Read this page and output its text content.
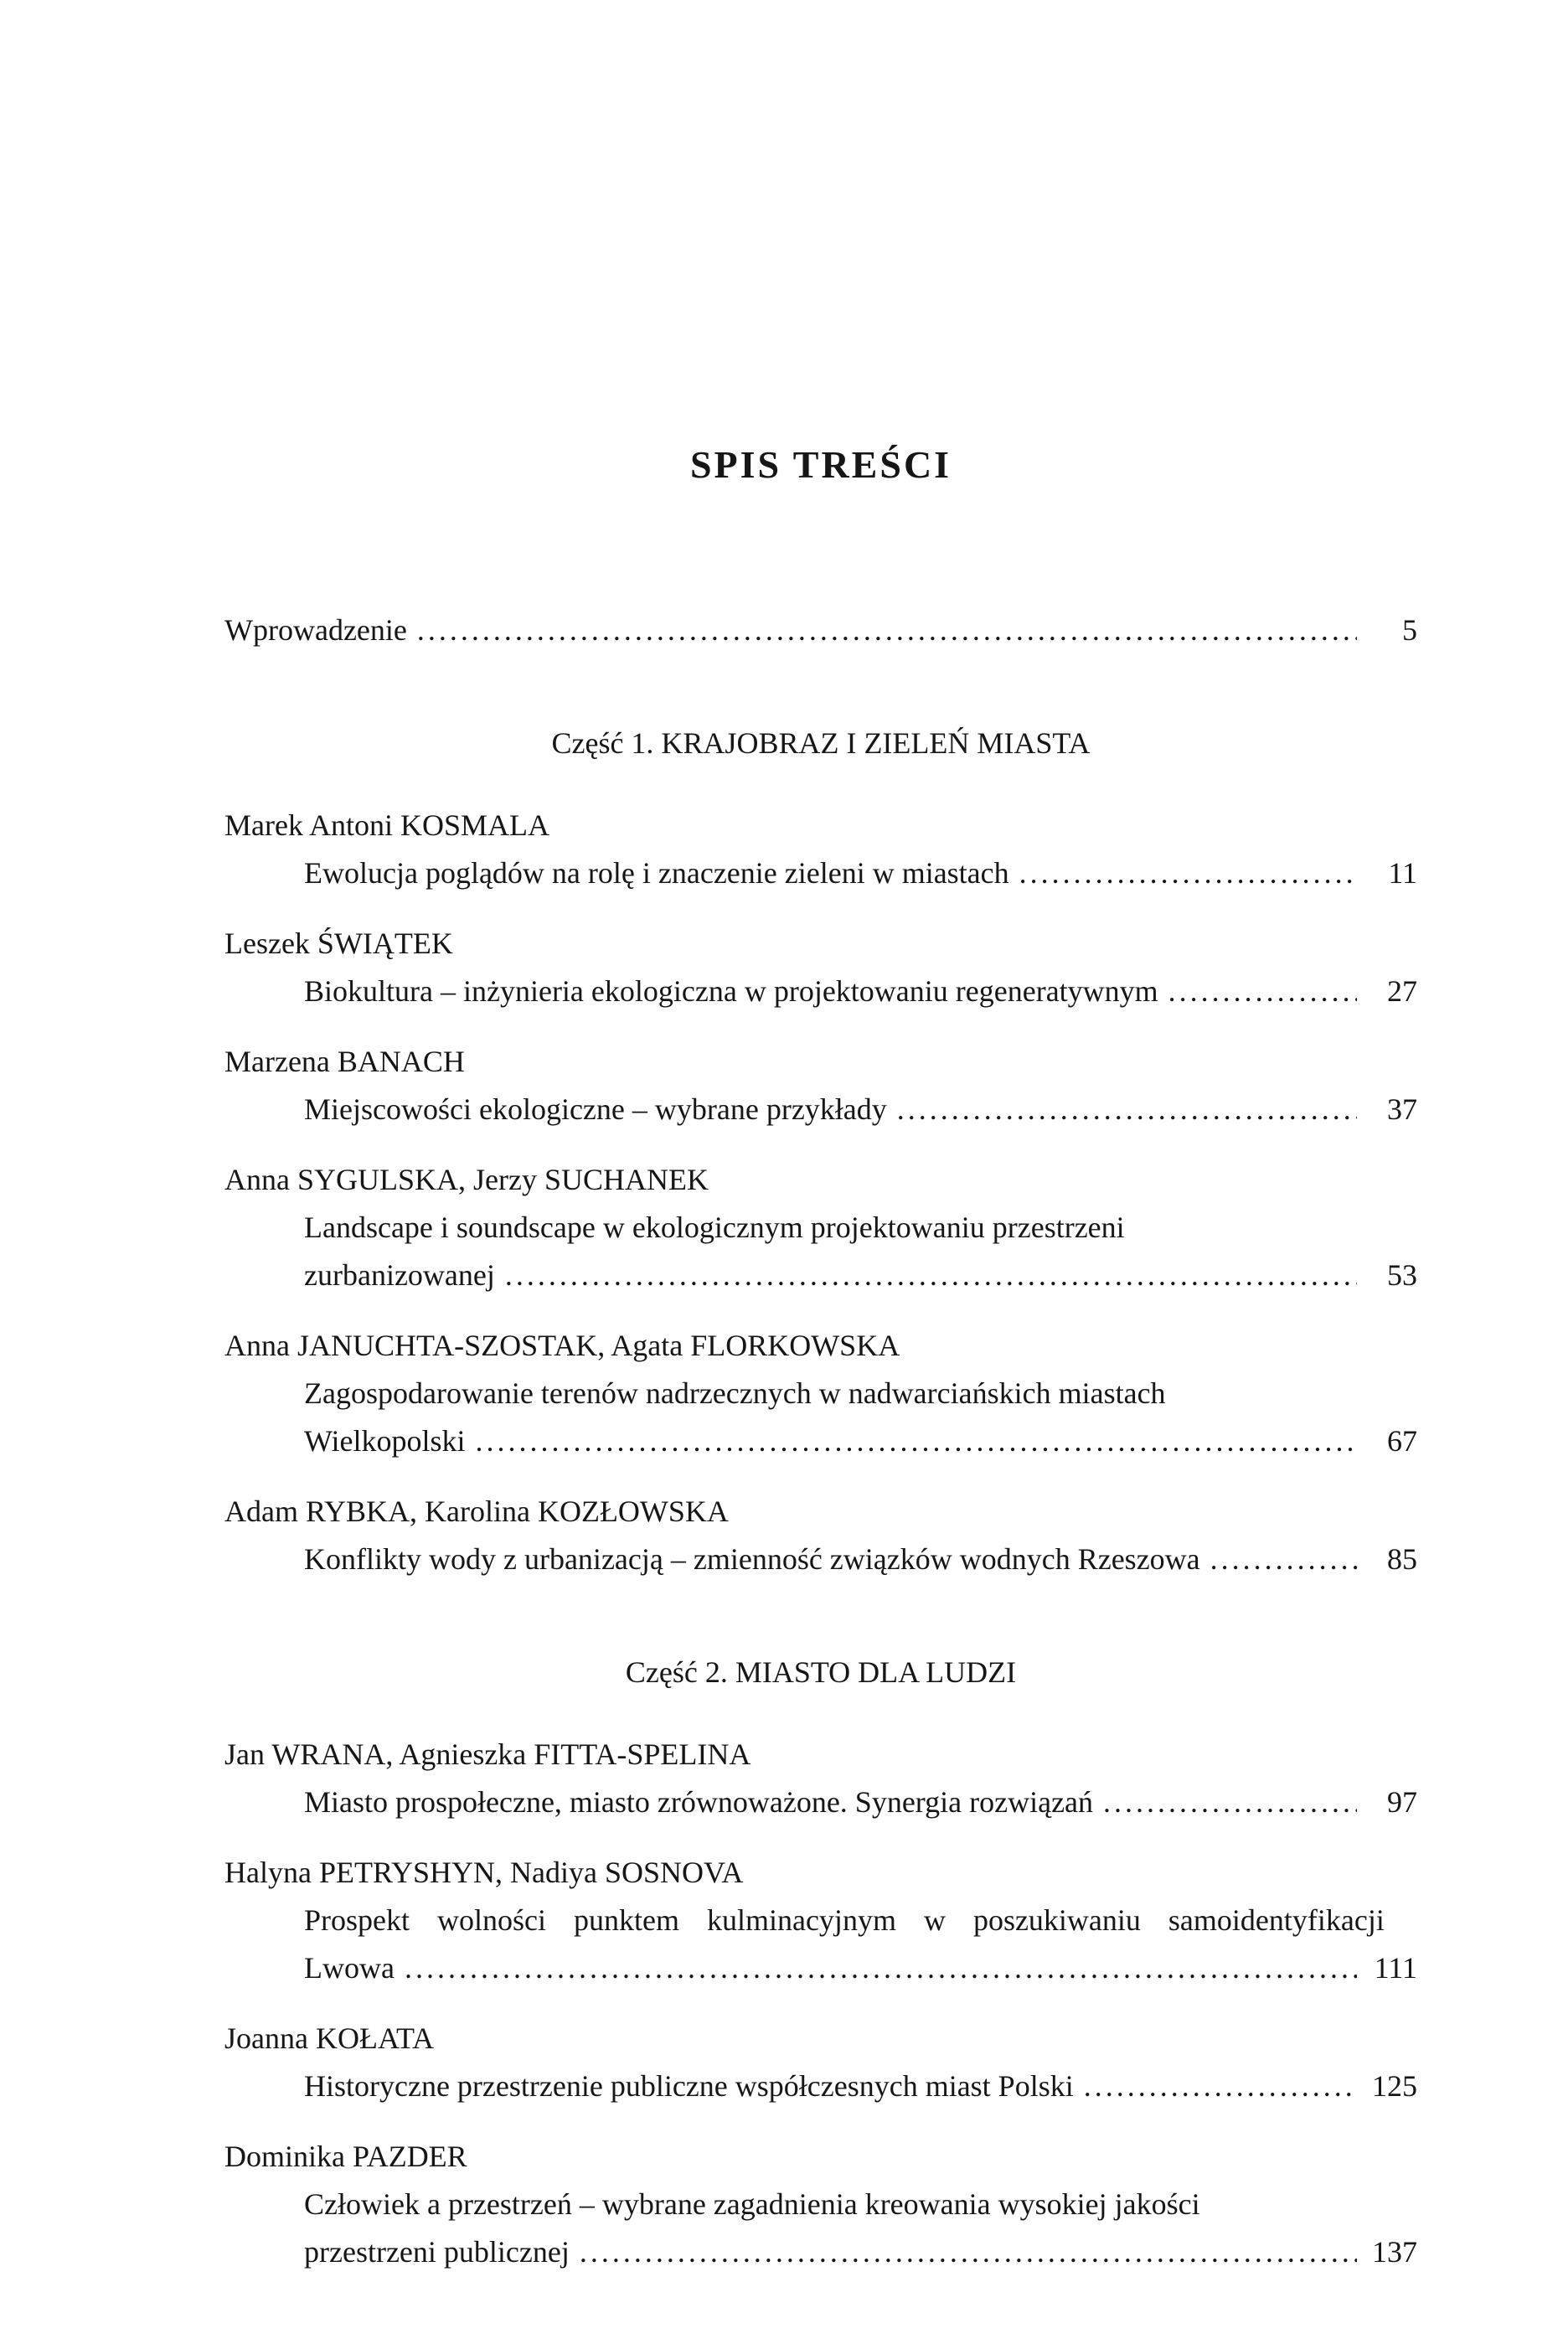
SPIS TREŚCI
Wprowadzenie .....	5
Część 1. KRAJOBRAZ I ZIELEŃ MIASTA
Marek Antoni KOSMALA
Ewolucja poglądów na rolę i znaczenie zieleni w miastach .....	11
Leszek ŚWIĄTEK
Biokultura – inżynieria ekologiczna w projektowaniu regeneratywnym .....	27
Marzena BANACH
Miejscowości ekologiczne – wybrane przykłady .....	37
Anna SYGULSKA, Jerzy SUCHANEK
Landscape i soundscape w ekologicznym projektowaniu przestrzeni
zurbanizowanej .....	53
Anna JANUCHTA-SZOSTAK, Agata FLORKOWSKA
Zagospodarowanie terenów nadrzecznych w nadwarciańskich miastach
Wielkopolski .....	67
Adam RYBKA, Karolina KOZŁOWSKA
Konflikty wody z urbanizacją – zmienność związków wodnych Rzeszowa .....	85
Część 2. MIASTO DLA LUDZI
Jan WRANA, Agnieszka FITTA-SPELINA
Miasto prospołeczne, miasto zrównoważone. Synergia rozwiązań .....	97
Halyna PETRYSHYN, Nadiya SOSNOVA
Prospekt wolności punktem kulminacyjnym w poszukiwaniu samoidentyfikacji
Lwowa .....	111
Joanna KOŁATA
Historyczne przestrzenie publiczne współczesnych miast Polski .....	125
Dominika PAZDER
Człowiek a przestrzeń – wybrane zagadnienia kreowania wysokiej jakości
przestrzeni publicznej .....	137
